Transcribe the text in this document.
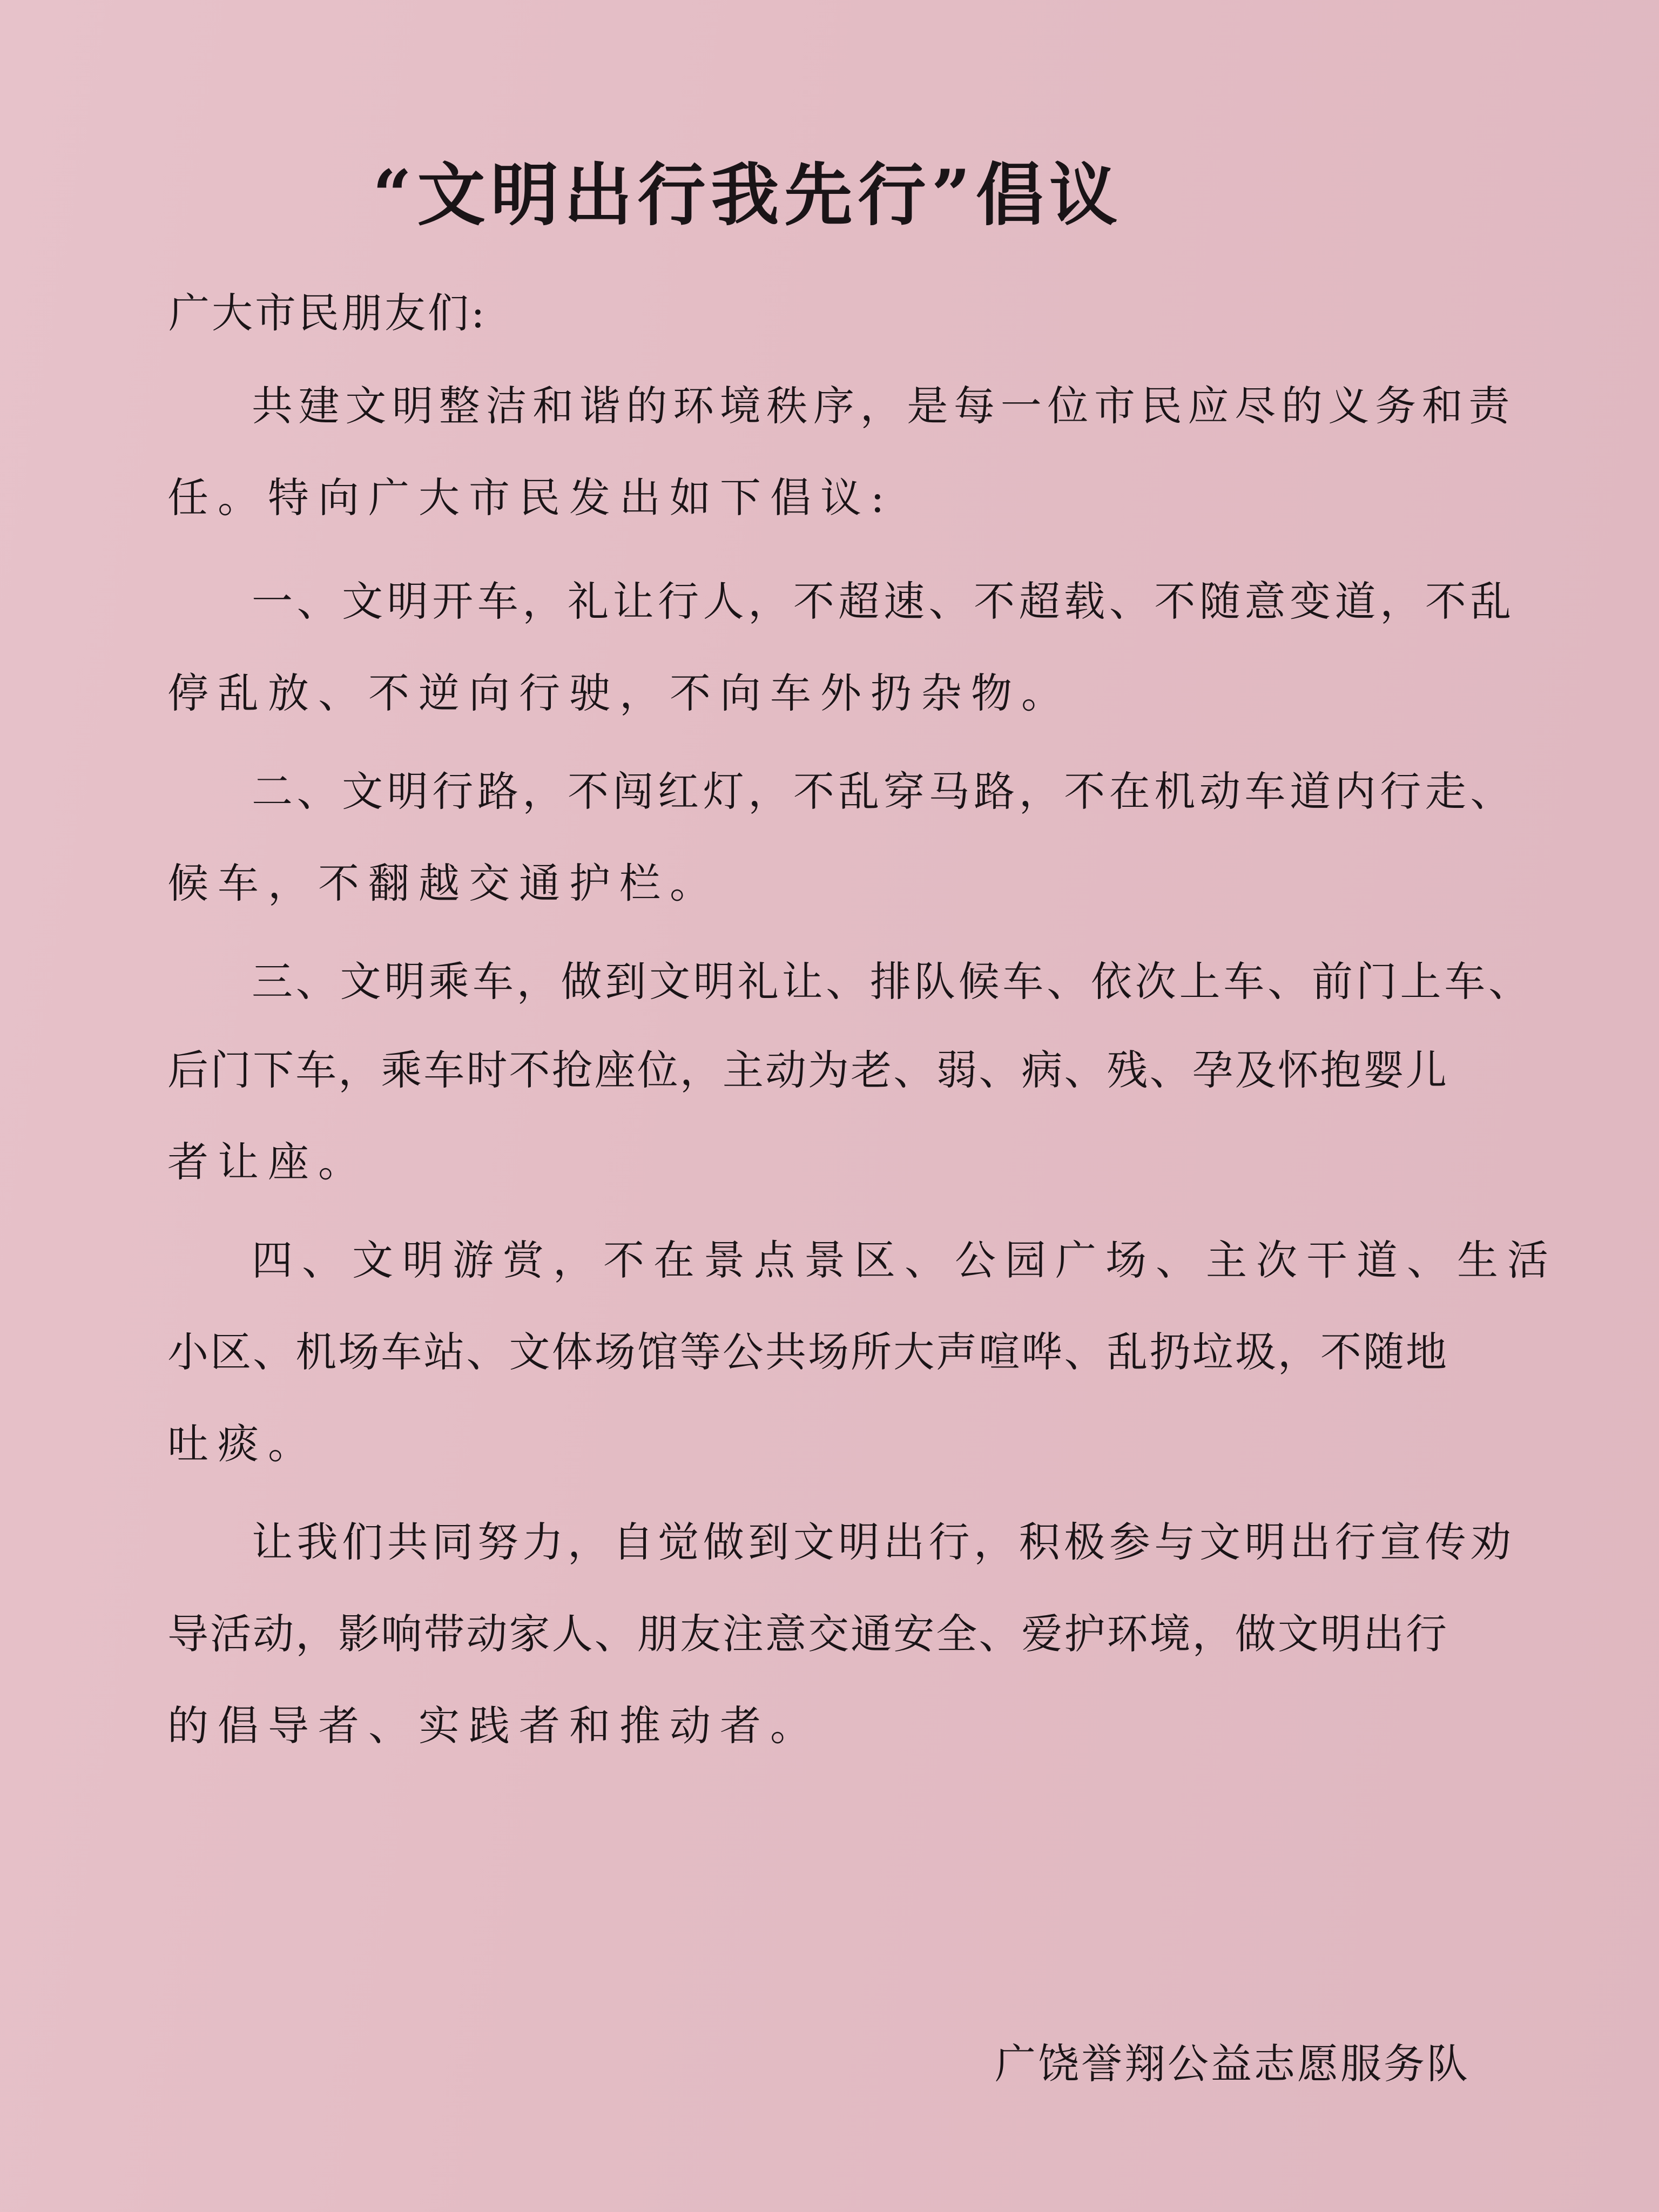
“文明出行我先行”倡议
广大市民朋友们:
共建文明整洁和谐的环境秩序，是每一位市民应尽的义务和责
任。特向广大市民发出如下倡议:
一、文明开车，礼让行人，不超速、不超载、不随意变道，不乱
停乱放、不逆向行驶，不向车外扔杂物。
二、文明行路，不闯红灯，不乱穿马路，不在机动车道内行走、
候车，不翻越交通护栏。
三、文明乘车，做到文明礼让、排队候车、依次上车、前门上车、
后门下车，乘车时不抢座位，主动为老、弱、病、残、孕及怀抱婴儿
者让座。
四、文明游赏，不在景点景区、公园广场、主次干道、生活
小区、机场车站、文体场馆等公共场所大声喧哗、乱扔垃圾，不随地
吐痰。
让我们共同努力，自觉做到文明出行，积极参与文明出行宣传劝
导活动，影响带动家人、朋友注意交通安全、爱护环境，做文明出行
的倡导者、实践者和推动者。
广饶誉翔公益志愿服务队
